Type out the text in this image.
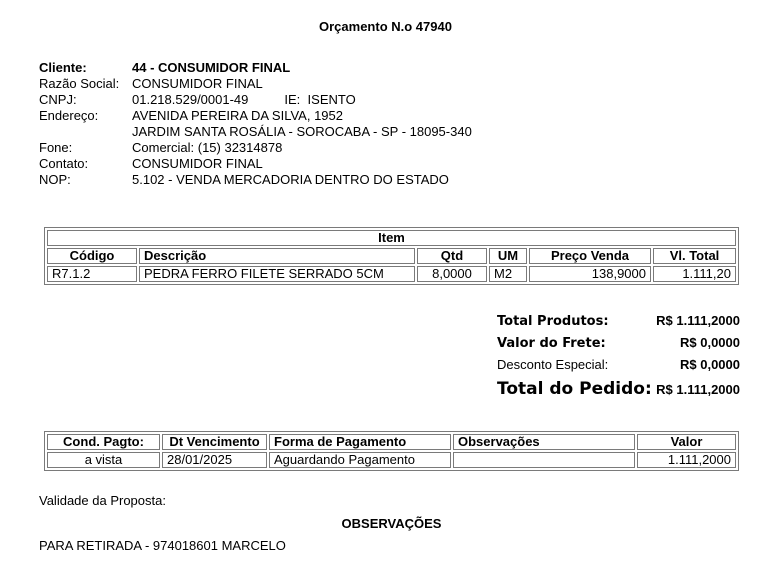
Orçamento N.o 47940
Cliente:	44 - CONSUMIDOR FINAL
Razão Social: CONSUMIDOR FINAL
CNPJ:	01.218.529/0001-49	IE: ISENTO
Endereço:	AVENIDA PEREIRA DA SILVA, 1952
JARDIM SANTA ROSÁLIA - SOROCABA - SP - 18095-340
Fone:	Comercial: (15) 32314878
Contato:	CONSUMIDOR FINAL
NOP:	5.102 - VENDA MERCADORIA DENTRO DO ESTADO
Item					
Código	Descrição	Qtd	UM	Preço Venda	Vl. Total
R7.1.2	PEDRA FERRO FILETE SERRADO 5CM	8,0000	M2	138,9000	1.111,20
Total Produtos:	R$ 1.111,2000
Valor do Frete:	R$ 0,0000
Desconto Especial:	R$ 0,0000
Total do Pedido: R$ 1.111,2000
Cond. Pagto:	Dt Vencimento	Forma de Pagamento	Observações	Valor
a vista	28/01/2025	Aguardando Pagamento		1.111,2000
Validade da Proposta:
OBSERVAÇÕES
PARA RETIRADA - 974018601 MARCELO
